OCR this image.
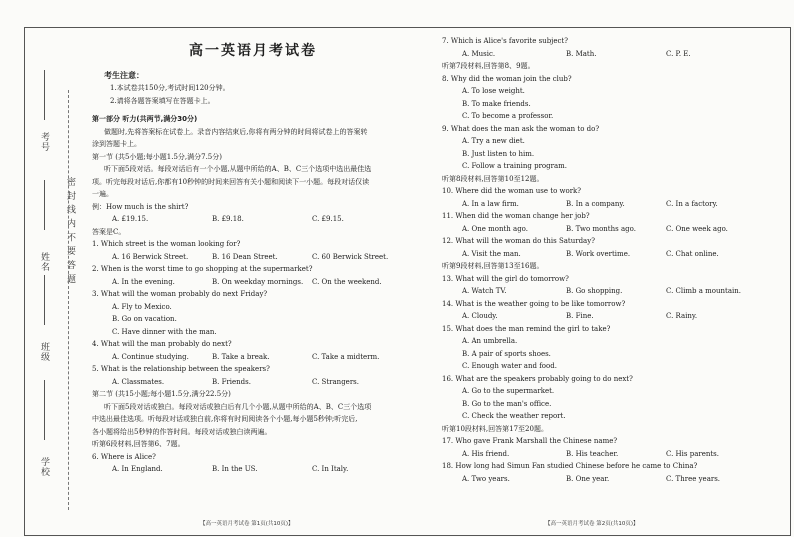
考号
姓名
班级
学校
密 封 线 内 不 要 答 题
高一英语月考试卷
考生注意：
1.本试卷共150分,考试时间120分钟。
2.请将各题答案填写在答题卡上。
第一部分 听力(共两节,满分30分)
做题时,先将答案标在试卷上。录音内容结束后,你将有两分钟的时间将试卷上的答案转
涂到答题卡上。
第一节 (共5小题;每小题1.5分,满分7.5分)
听下面5段对话。每段对话后有一个小题,从题中所给的A、B、C三个选项中选出最佳选
项。听完每段对话后,你都有10秒钟的时间来回答有关小题和阅读下一小题。每段对话仅读
一遍。
例：How much is the shirt?
A. £19.15.	B. £9.18.	C. £9.15.
答案是C。
1. Which street is the woman looking for?
A. 16 Berwick Street.	B. 16 Dean Street.	C. 60 Berwick Street.
2. When is the worst time to go shopping at the supermarket?
A. In the evening.	B. On weekday mornings.	C. On the weekend.
3. What will the woman probably do next Friday?
A. Fly to Mexico.
B. Go on vacation.
C. Have dinner with the man.
4. What will the man probably do next?
A. Continue studying.	B. Take a break.	C. Take a midterm.
5. What is the relationship between the speakers?
A. Classmates.	B. Friends.	C. Strangers.
第二节 (共15小题;每小题1.5分,满分22.5分)
听下面5段对话或独白。每段对话或独白后有几个小题,从题中所给的A、B、C三个选项
中选出最佳选项。听每段对话或独白前,你将有时间阅读各个小题,每小题5秒钟;听完后,
各小题将给出5秒钟的作答时间。每段对话或独白读两遍。
听第6段材料,回答第6、7题。
6. Where is Alice?
A. In England.	B. In the US.	C. In Italy.
7. Which is Alice's favorite subject?
A. Music.	B. Math.	C. P. E.
听第7段材料,回答第8、9题。
8. Why did the woman join the club?
A. To lose weight.
B. To make friends.
C. To become a professor.
9. What does the man ask the woman to do?
A. Try a new diet.
B. Just listen to him.
C. Follow a training program.
听第8段材料,回答第10至12题。
10. Where did the woman use to work?
A. In a law firm.	B. In a company.	C. In a factory.
11. When did the woman change her job?
A. One month ago.	B. Two months ago.	C. One week ago.
12. What will the woman do this Saturday?
A. Visit the man.	B. Work overtime.	C. Chat online.
听第9段材料,回答第13至16题。
13. What will the girl do tomorrow?
A. Watch TV.	B. Go shopping.	C. Climb a mountain.
14. What is the weather going to be like tomorrow?
A. Cloudy.	B. Fine.	C. Rainy.
15. What does the man remind the girl to take?
A. An umbrella.
B. A pair of sports shoes.
C. Enough water and food.
16. What are the speakers probably going to do next?
A. Go to the supermarket.
B. Go to the man's office.
C. Check the weather report.
听第10段材料,回答第17至20题。
17. Who gave Frank Marshall the Chinese name?
A. His friend.	B. His teacher.	C. His parents.
18. How long had Simun Fan studied Chinese before he came to China?
A. Two years.	B. One year.	C. Three years.
【高一英语月考试卷 第1页(共10页)】	【高一英语月考试卷 第2页(共10页)】
